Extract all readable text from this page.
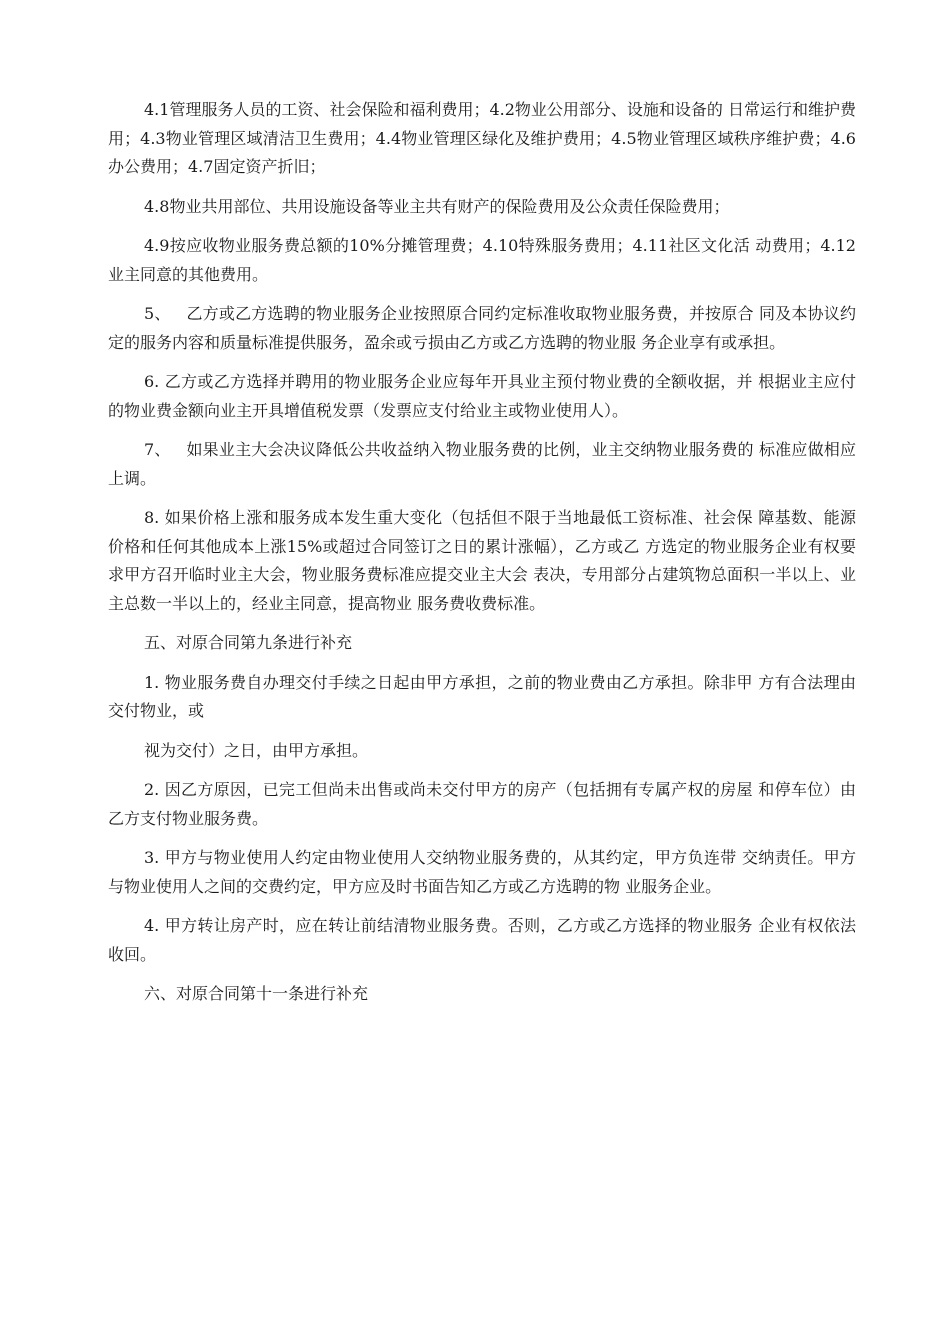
4.1管理服务人员的工资、社会保险和福利费用；4.2物业公用部分、设施和设备的 日常运行和维护费用；4.3物业管理区域清洁卫生费用；4.4物业管理区绿化及维护费用；4.5物业管理区域秩序维护费；4.6办公费用；4.7固定资产折旧；

4.8物业共用部位、共用设施设备等业主共有财产的保险费用及公众责任保险费用；

4.9按应收物业服务费总额的10%分摊管理费；4.10特殊服务费用；4.11社区文化活 动费用；4.12业主同意的其他费用。

5、   乙方或乙方选聘的物业服务企业按照原合同约定标准收取物业服务费，并按原合 同及本协议约定的服务内容和质量标准提供服务，盈余或亏损由乙方或乙方选聘的物业服 务企业享有或承担。

6. 乙方或乙方选择并聘用的物业服务企业应每年开具业主预付物业费的全额收据，并 根据业主应付的物业费金额向业主开具增值税发票（发票应支付给业主或物业使用人）。

7、   如果业主大会决议降低公共收益纳入物业服务费的比例，业主交纳物业服务费的 标准应做相应上调。

8. 如果价格上涨和服务成本发生重大变化（包括但不限于当地最低工资标准、社会保 障基数、能源价格和任何其他成本上涨15%或超过合同签订之日的累计涨幅），乙方或乙 方选定的物业服务企业有权要求甲方召开临时业主大会，物业服务费标准应提交业主大会 表决，专用部分占建筑物总面积一半以上、业主总数一半以上的，经业主同意，提高物业 服务费收费标准。

五、对原合同第九条进行补充

1. 物业服务费自办理交付手续之日起由甲方承担，之前的物业费由乙方承担。除非甲 方有合法理由交付物业，或

视为交付）之日，由甲方承担。

2. 因乙方原因，已完工但尚未出售或尚未交付甲方的房产（包括拥有专属产权的房屋 和停车位）由乙方支付物业服务费。

3. 甲方与物业使用人约定由物业使用人交纳物业服务费的，从其约定，甲方负连带 交纳责任。甲方与物业使用人之间的交费约定，甲方应及时书面告知乙方或乙方选聘的物 业服务企业。

4. 甲方转让房产时，应在转让前结清物业服务费。否则，乙方或乙方选择的物业服务 企业有权依法收回。

六、对原合同第十一条进行补充
